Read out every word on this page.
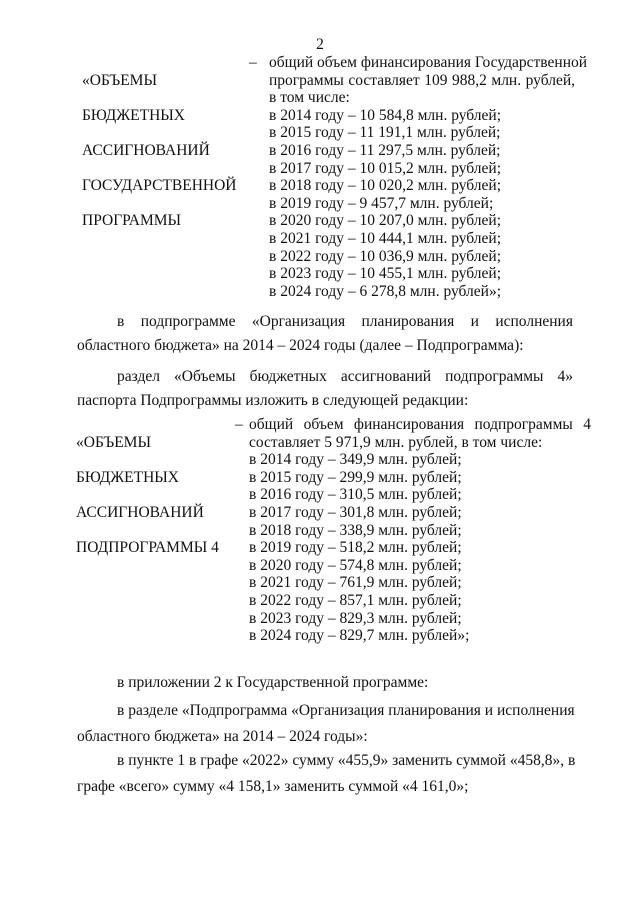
2

«ОБЪЕМЫ

БЮДЖЕТНЫХ

АССИГНОВАНИЙ

ГОСУДАРСТВЕННОЙ

ПРОГРАММЫ

– общий объем финансирования Государственной
программы составляет 109 988,2 млн. рублей,
в том числе:
в 2014 году – 10 584,8 млн. рублей;
в 2015 году – 11 191,1 млн. рублей;
в 2016 году – 11 297,5 млн. рублей;
в 2017 году – 10 015,2 млн. рублей;
в 2018 году – 10 020,2 млн. рублей;
в 2019 году – 9 457,7 млн. рублей;
в 2020 году – 10 207,0 млн. рублей;
в 2021 году – 10 444,1 млн. рублей;
в 2022 году – 10 036,9 млн. рублей;
в 2023 году – 10 455,1 млн. рублей;
в 2024 году – 6 278,8 млн. рублей»;
в подпрограмме «Организация планирования и исполнения
областного бюджета» на 2014 – 2024 годы (далее – Подпрограмма):
раздел «Объемы бюджетных ассигнований подпрограммы 4»
паспорта Подпрограммы изложить в следующей редакции:

«ОБЪЕМЫ

БЮДЖЕТНЫХ

АССИГНОВАНИЙ

ПОДПРОГРАММЫ 4

– общий объем финансирования подпрограммы 4
составляет 5 971,9 млн. рублей, в том числе:
в 2014 году – 349,9 млн. рублей;
в 2015 году – 299,9 млн. рублей;
в 2016 году – 310,5 млн. рублей;
в 2017 году – 301,8 млн. рублей;
в 2018 году – 338,9 млн. рублей;
в 2019 году – 518,2 млн. рублей;
в 2020 году – 574,8 млн. рублей;
в 2021 году – 761,9 млн. рублей;
в 2022 году – 857,1 млн. рублей;
в 2023 году – 829,3 млн. рублей;
в 2024 году – 829,7 млн. рублей»;
в приложении 2 к Государственной программе:
в разделе «Подпрограмма «Организация планирования и исполнения
областного бюджета» на 2014 – 2024 годы»:
в пункте 1 в графе «2022» сумму «455,9» заменить суммой «458,8», в
графе «всего» сумму «4 158,1» заменить суммой «4 161,0»;
